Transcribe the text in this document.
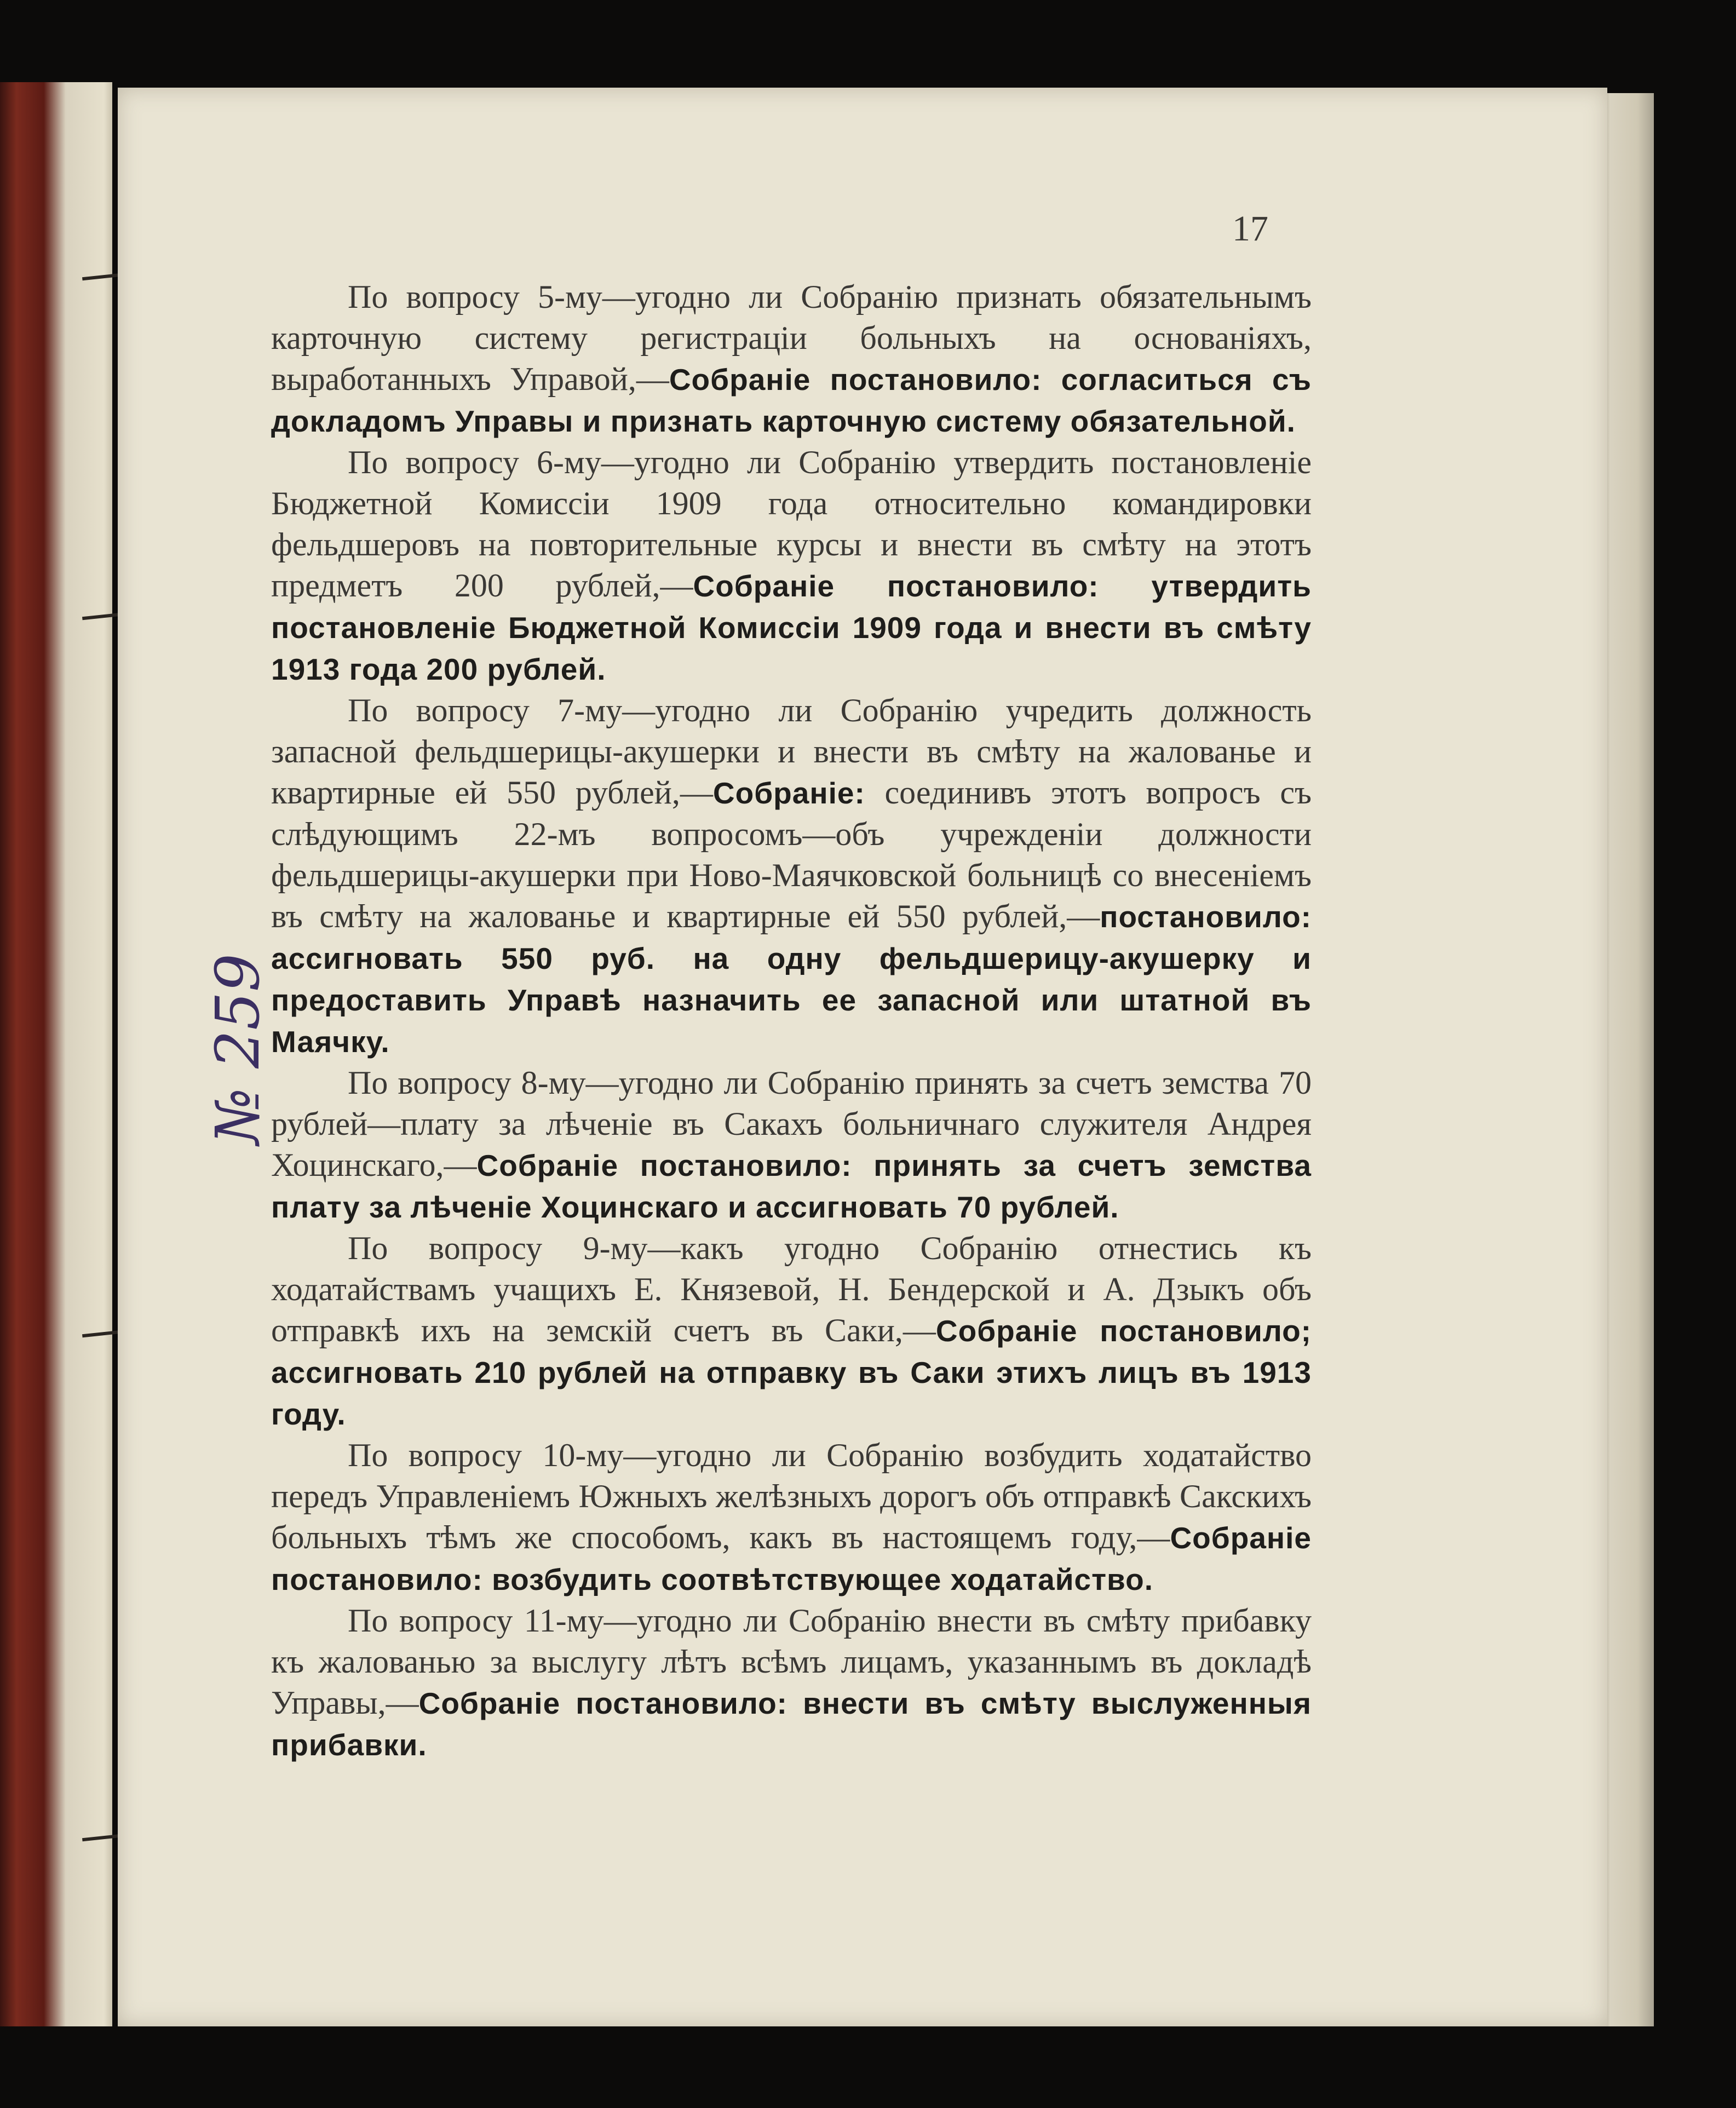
17
№ 259

По вопросу 5-му—угодно ли Собранію признать обязательнымъ карточную систему регистраціи больныхъ на основаніяхъ, выработанныхъ Управой,—Собраніе постановило: согласиться съ докладомъ Управы и признать карточную систему обязательной.

По вопросу 6-му—угодно ли Собранію утвердить постановленіе Бюджетной Комиссіи 1909 года относительно командировки фельдшеровъ на повторительные курсы и внести въ смѣту на этотъ предметъ 200 рублей,—Собраніе постановило: утвердить постановленіе Бюджетной Комиссіи 1909 года и внести въ смѣту 1913 года 200 рублей.

По вопросу 7-му—угодно ли Собранію учредить должность запасной фельдшерицы-акушерки и внести въ смѣту на жалованье и квартирные ей 550 рублей,—Собраніе: соединивъ этотъ вопросъ съ слѣдующимъ 22-мъ вопросомъ—объ учрежденіи должности фельдшерицы-акушерки при Ново-Маячковской больницѣ со внесеніемъ въ смѣту на жалованье и квартирные ей 550 рублей,—постановило: ассигновать 550 руб. на одну фельдшерицу-акушерку и предоставить Управѣ назначить ее запасной или штатной въ Маячку.

По вопросу 8-му—угодно ли Собранію принять за счетъ земства 70 рублей—плату за лѣченіе въ Сакахъ больничнаго служителя Андрея Хоцинскаго,—Собраніе постановило: принять за счетъ земства плату за лѣченіе Хоцинскаго и ассигновать 70 рублей.

По вопросу 9-му—какъ угодно Собранію отнестись къ ходатайствамъ учащихъ Е. Князевой, Н. Бендерской и А. Дзыкъ объ отправкѣ ихъ на земскій счетъ въ Саки,—Собраніе постановило; ассигновать 210 рублей на отправку въ Саки этихъ лицъ въ 1913 году.

По вопросу 10-му—угодно ли Собранію возбудить ходатайство передъ Управленіемъ Южныхъ желѣзныхъ дорогъ объ отправкѣ Сакскихъ больныхъ тѣмъ же способомъ, какъ въ настоящемъ году,—Собраніе постановило: возбудить соотвѣтствующее ходатайство.

По вопросу 11-му—угодно ли Собранію внести въ смѣту прибавку къ жалованью за выслугу лѣтъ всѣмъ лицамъ, указаннымъ въ докладѣ Управы,—Собраніе постановило: внести въ смѣту выслуженныя прибавки.
